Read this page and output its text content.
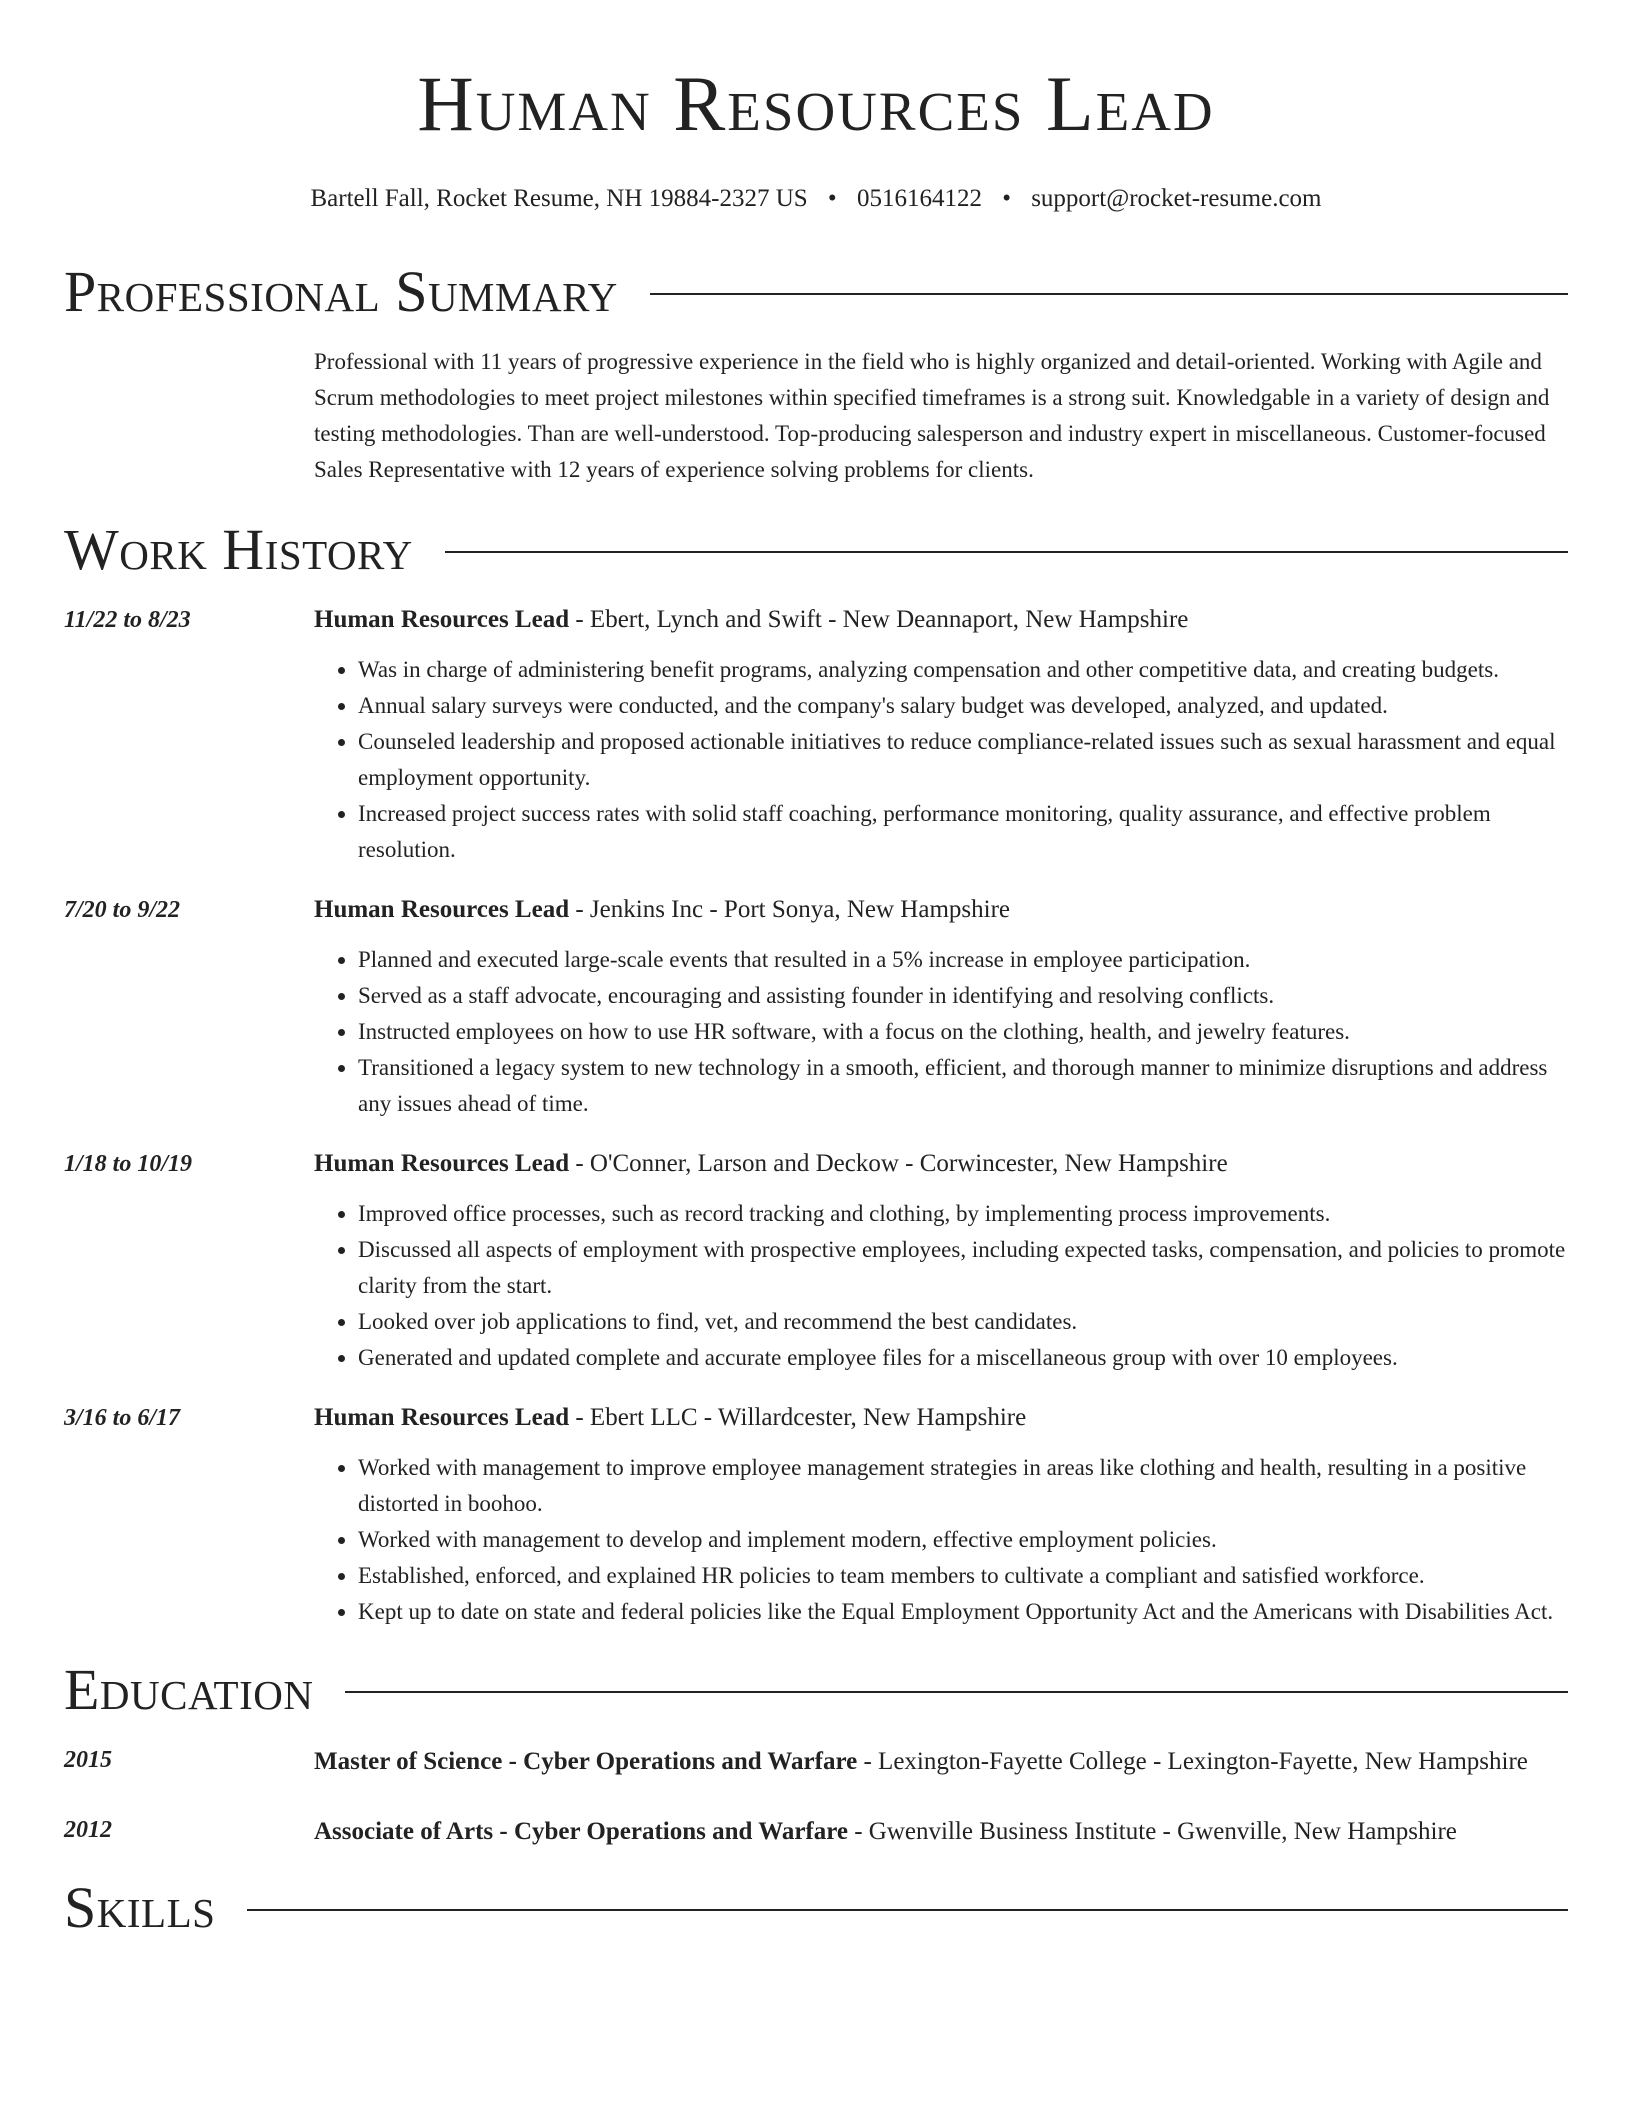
Human Resources Lead
Bartell Fall, Rocket Resume, NH 19884-2327 US • 0516164122 • support@rocket-resume.com
Professional Summary
Professional with 11 years of progressive experience in the field who is highly organized and detail-oriented. Working with Agile and Scrum methodologies to meet project milestones within specified timeframes is a strong suit. Knowledgable in a variety of design and testing methodologies. Than are well-understood. Top-producing salesperson and industry expert in miscellaneous. Customer-focused Sales Representative with 12 years of experience solving problems for clients.
Work History
11/22 to 8/23	Human Resources Lead - Ebert, Lynch and Swift - New Deannaport, New Hampshire
• Was in charge of administering benefit programs, analyzing compensation and other competitive data, and creating budgets.
• Annual salary surveys were conducted, and the company's salary budget was developed, analyzed, and updated.
• Counseled leadership and proposed actionable initiatives to reduce compliance-related issues such as sexual harassment and equal employment opportunity.
• Increased project success rates with solid staff coaching, performance monitoring, quality assurance, and effective problem resolution.
7/20 to 9/22	Human Resources Lead - Jenkins Inc - Port Sonya, New Hampshire
• Planned and executed large-scale events that resulted in a 5% increase in employee participation.
• Served as a staff advocate, encouraging and assisting founder in identifying and resolving conflicts.
• Instructed employees on how to use HR software, with a focus on the clothing, health, and jewelry features.
• Transitioned a legacy system to new technology in a smooth, efficient, and thorough manner to minimize disruptions and address any issues ahead of time.
1/18 to 10/19	Human Resources Lead - O'Conner, Larson and Deckow - Corwincester, New Hampshire
• Improved office processes, such as record tracking and clothing, by implementing process improvements.
• Discussed all aspects of employment with prospective employees, including expected tasks, compensation, and policies to promote clarity from the start.
• Looked over job applications to find, vet, and recommend the best candidates.
• Generated and updated complete and accurate employee files for a miscellaneous group with over 10 employees.
3/16 to 6/17	Human Resources Lead - Ebert LLC - Willardcester, New Hampshire
• Worked with management to improve employee management strategies in areas like clothing and health, resulting in a positive distorted in boohoo.
• Worked with management to develop and implement modern, effective employment policies.
• Established, enforced, and explained HR policies to team members to cultivate a compliant and satisfied workforce.
• Kept up to date on state and federal policies like the Equal Employment Opportunity Act and the Americans with Disabilities Act.
Education
2015	Master of Science - Cyber Operations and Warfare - Lexington-Fayette College - Lexington-Fayette, New Hampshire
2012	Associate of Arts - Cyber Operations and Warfare - Gwenville Business Institute - Gwenville, New Hampshire
Skills
